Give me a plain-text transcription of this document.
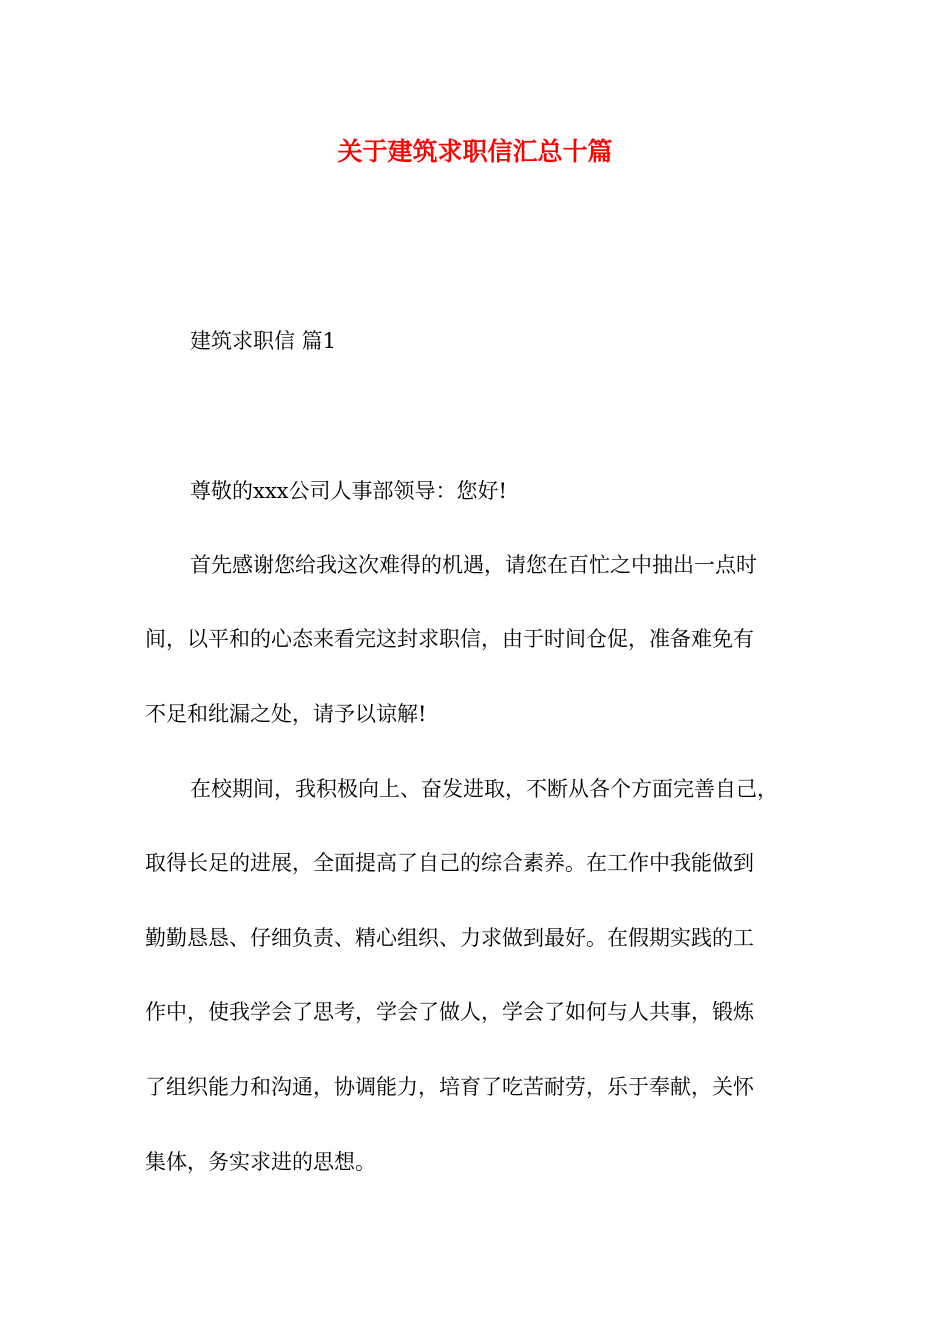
关于建筑求职信汇总十篇

建筑求职信 篇1

尊敬的xxx公司人事部领导：您好!

首先感谢您给我这次难得的机遇，请您在百忙之中抽出一点时

间，以平和的心态来看完这封求职信，由于时间仓促，准备难免有

不足和纰漏之处，请予以谅解!

在校期间，我积极向上、奋发进取，不断从各个方面完善自己，

取得长足的进展，全面提高了自己的综合素养。在工作中我能做到

勤勤恳恳、仔细负责、精心组织、力求做到最好。在假期实践的工

作中，使我学会了思考，学会了做人，学会了如何与人共事，锻炼

了组织能力和沟通，协调能力，培育了吃苦耐劳，乐于奉献，关怀

集体，务实求进的思想。
